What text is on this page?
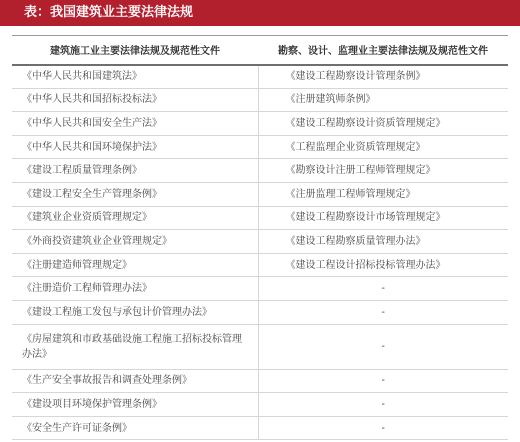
表：我国建筑业主要法律法规
建筑施工业主要法律法规及规范性文件	勘察、设计、监理业主要法律法规及规范性文件
《中华人民共和国建筑法》	《建设工程勘察设计管理条例》
《中华人民共和国招标投标法》	《注册建筑师条例》
《中华人民共和国安全生产法》	《建设工程勘察设计资质管理规定》
《中华人民共和国环境保护法》	《工程监理企业资质管理规定》
《建设工程质量管理条例》	《勘察设计注册工程师管理规定》
《建设工程安全生产管理条例》	《注册监理工程师管理规定》
《建筑业企业资质管理规定》	《建设工程勘察设计市场管理规定》
《外商投资建筑业企业管理规定》	《建设工程勘察质量管理办法》
《注册建造师管理规定》	《建设工程设计招标投标管理办法》
《注册造价工程师管理办法》	-
《建设工程施工发包与承包计价管理办法》	-
《房屋建筑和市政基础设施工程施工招标投标管理办法》	-
《生产安全事故报告和调查处理条例》	-
《建设项目环境保护管理条例》	-
《安全生产许可证条例》	-
